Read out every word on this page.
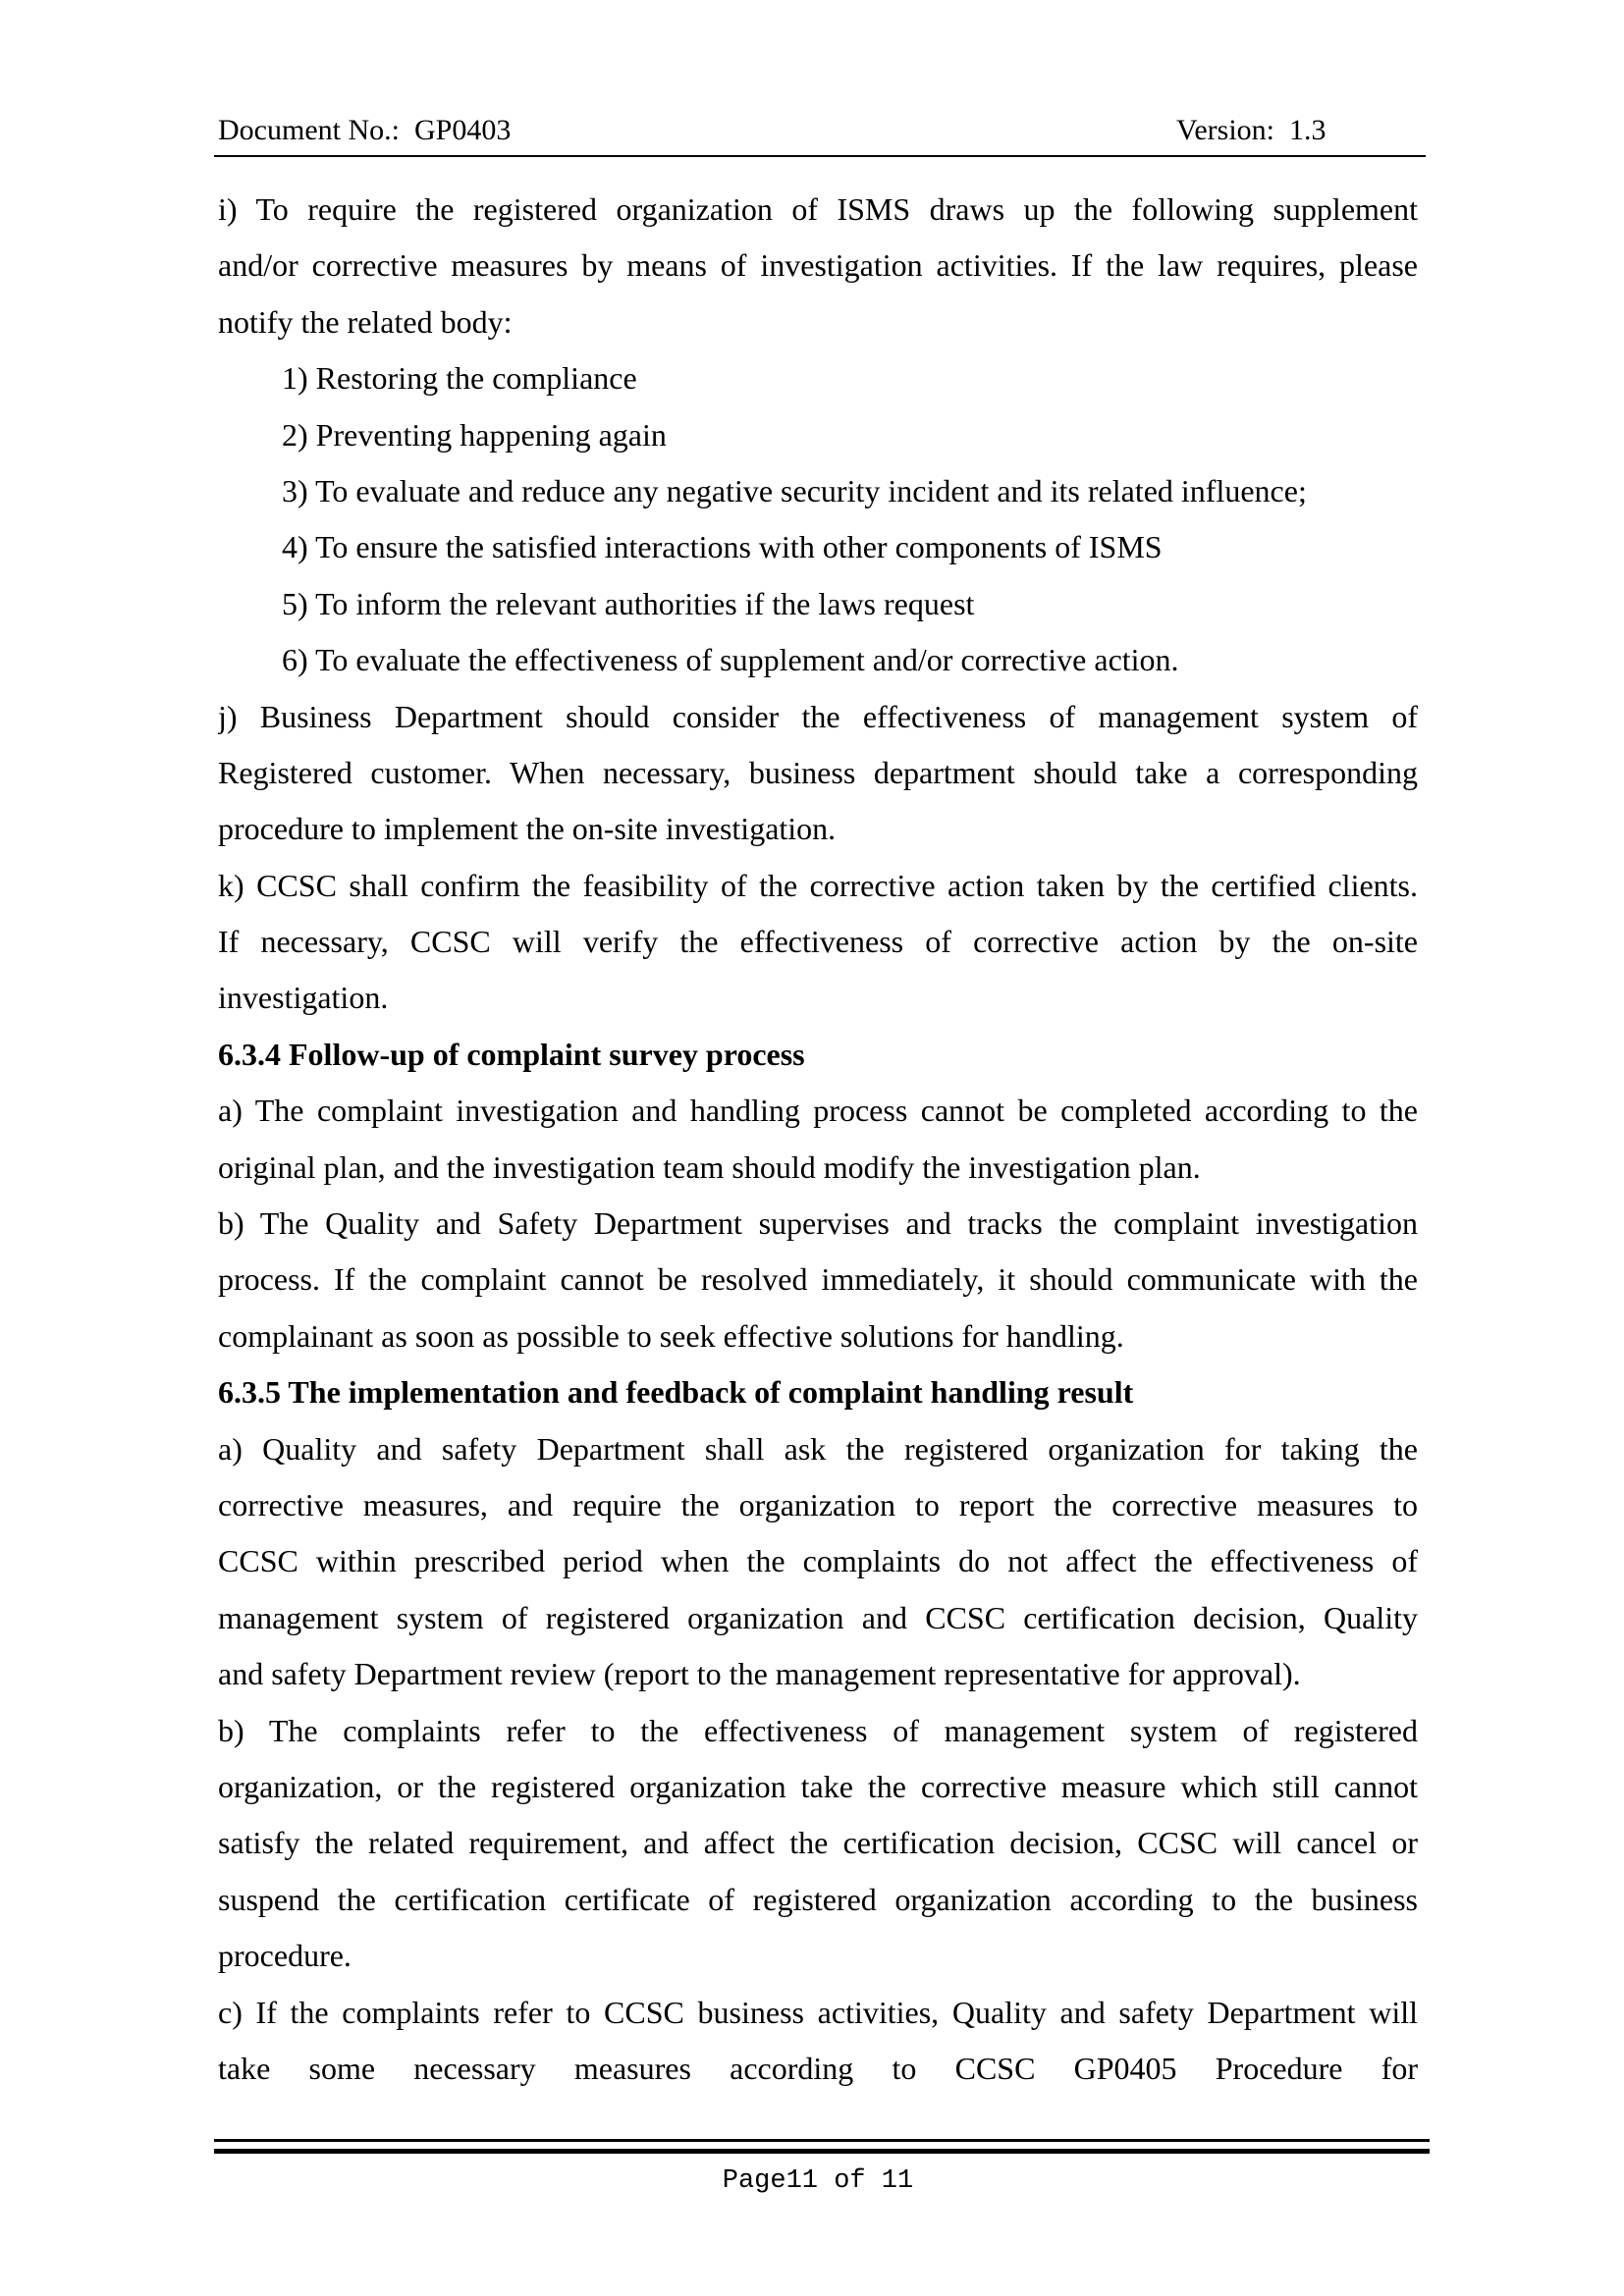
Document No.:  GP0403	Version:  1.3
i) To require the registered organization of ISMS draws up the following supplement
and/or corrective measures by means of investigation activities. If the law requires, please
notify the related body:
1) Restoring the compliance
2) Preventing happening again
3) To evaluate and reduce any negative security incident and its related influence;
4) To ensure the satisfied interactions with other components of ISMS
5) To inform the relevant authorities if the laws request
6) To evaluate the effectiveness of supplement and/or corrective action.
j) Business Department should consider the effectiveness of management system of
Registered customer. When necessary, business department should take a corresponding
procedure to implement the on-site investigation.
k) CCSC shall confirm the feasibility of the corrective action taken by the certified clients.
If necessary, CCSC will verify the effectiveness of corrective action by the on-site
investigation.
6.3.4 Follow-up of complaint survey process
a) The complaint investigation and handling process cannot be completed according to the
original plan, and the investigation team should modify the investigation plan.
b) The Quality and Safety Department supervises and tracks the complaint investigation
process. If the complaint cannot be resolved immediately, it should communicate with the
complainant as soon as possible to seek effective solutions for handling.
6.3.5 The implementation and feedback of complaint handling result
a) Quality and safety Department shall ask the registered organization for taking the
corrective measures, and require the organization to report the corrective measures to
CCSC within prescribed period when the complaints do not affect the effectiveness of
management system of registered organization and CCSC certification decision, Quality
and safety Department review (report to the management representative for approval).
b) The complaints refer to the effectiveness of management system of registered
organization, or the registered organization take the corrective measure which still cannot
satisfy the related requirement, and affect the certification decision, CCSC will cancel or
suspend the certification certificate of registered organization according to the business
procedure.
c) If the complaints refer to CCSC business activities, Quality and safety Department will
take some necessary measures according to CCSC GP0405 Procedure for
Page11 of 11
